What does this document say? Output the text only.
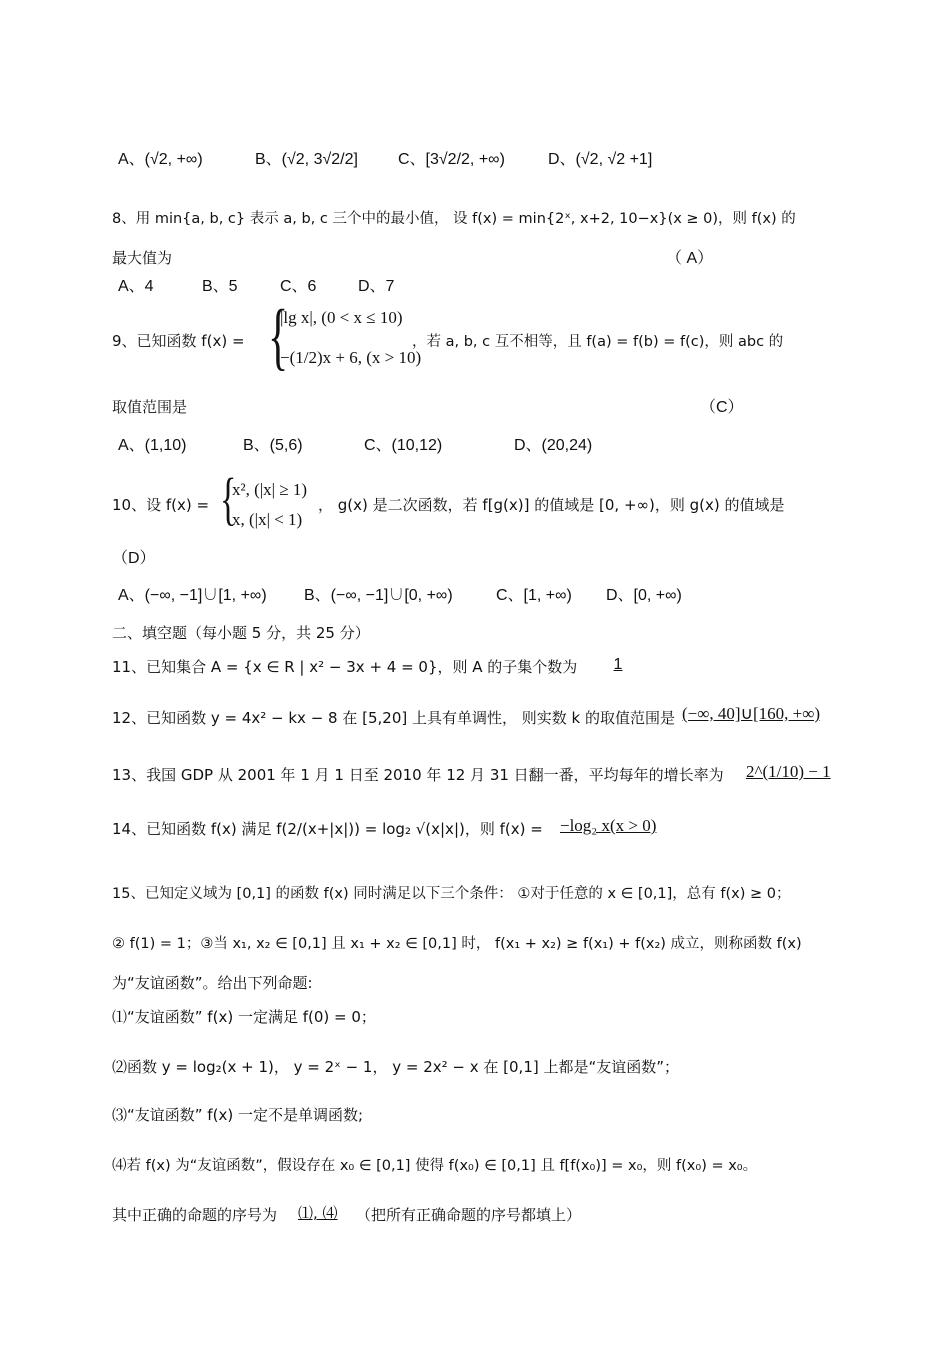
A、(√2, +∞)	B、(√2, 3√2/2]	C、[3√2/2, +∞)	D、(√2, √2 +1]
8、用 min{a, b, c} 表示 a, b, c 三个中的最小值， 设 f(x) = min{2ˣ, x+2, 10−x}(x ≥ 0)，则 f(x) 的
最大值为	（ A）
A、4	B、5	C、6	D、7
9、已知函数 f(x) = {
|lg x|, (0 < x ≤ 10)
−(1/2)x + 6, (x > 10)
，若 a, b, c 互不相等，且 f(a) = f(b) = f(c)，则 abc 的
取值范围是	（C）
A、(1,10)	B、(5,6)	C、(10,12)	D、(20,24)
10、设 f(x) = {
x², (|x| ≥ 1)
x, (|x| < 1)
， g(x) 是二次函数，若 f[g(x)] 的值域是 [0, +∞)，则 g(x) 的值域是
（D）
A、(−∞, −1]∪[1, +∞) B、(−∞, −1]∪[0, +∞)	C、[1, +∞) D、[0, +∞)
二、填空题（每小题 5 分，共 25 分）
11、已知集合 A = {x ∈ R | x² − 3x + 4 = 0}，则 A 的子集个数为	1
12、已知函数 y = 4x² − kx − 8 在 [5,20] 上具有单调性， 则实数 k 的取值范围是 (−∞, 40]∪[160, +∞)
13、我国 GDP 从 2001 年 1 月 1 日至 2010 年 12 月 31 日翻一番，平均每年的增长率为 2^(1/10) − 1
14、已知函数 f(x) 满足 f(2/(x+|x|)) = log₂ √(x|x|)，则 f(x) = −log₂ x(x > 0)
15、已知定义域为 [0,1] 的函数 f(x) 同时满足以下三个条件： ①对于任意的 x ∈ [0,1]，总有 f(x) ≥ 0；
② f(1) = 1；③当 x₁, x₂ ∈ [0,1] 且 x₁ + x₂ ∈ [0,1] 时， f(x₁ + x₂) ≥ f(x₁) + f(x₂) 成立，则称函数 f(x)
为“友谊函数”。给出下列命题:
⑴“友谊函数” f(x) 一定满足 f(0) = 0；
⑵函数 y = log₂(x + 1)， y = 2ˣ − 1， y = 2x² − x 在 [0,1] 上都是“友谊函数”；
⑶“友谊函数” f(x) 一定不是单调函数;
⑷若 f(x) 为“友谊函数”，假设存在 x₀ ∈ [0,1] 使得 f(x₀) ∈ [0,1] 且 f[f(x₀)] = x₀，则 f(x₀) = x₀。
其中正确的命题的序号为 ⑴, ⑷ （把所有正确命题的序号都填上）
